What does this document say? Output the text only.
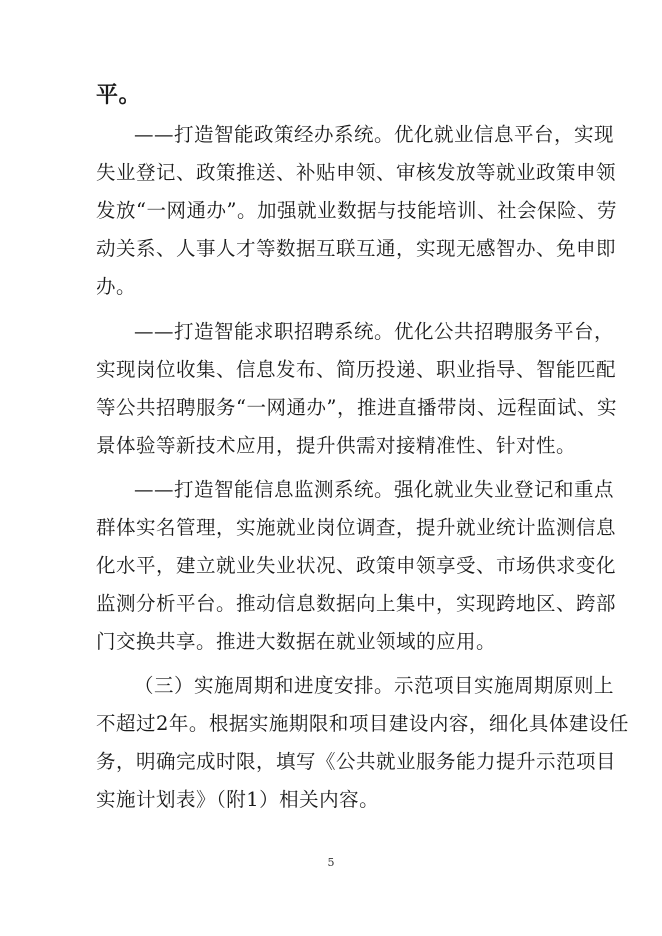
平。
——打造智能政策经办系统。优化就业信息平台，实现
失业登记、政策推送、补贴申领、审核发放等就业政策申领
发放“一网通办”。加强就业数据与技能培训、社会保险、劳
动关系、人事人才等数据互联互通，实现无感智办、免申即
办。
——打造智能求职招聘系统。优化公共招聘服务平台，
实现岗位收集、信息发布、简历投递、职业指导、智能匹配
等公共招聘服务“一网通办”，推进直播带岗、远程面试、实
景体验等新技术应用，提升供需对接精准性、针对性。
——打造智能信息监测系统。强化就业失业登记和重点
群体实名管理，实施就业岗位调查，提升就业统计监测信息
化水平，建立就业失业状况、政策申领享受、市场供求变化
监测分析平台。推动信息数据向上集中，实现跨地区、跨部
门交换共享。推进大数据在就业领域的应用。
（三）实施周期和进度安排。示范项目实施周期原则上
不超过2年。根据实施期限和项目建设内容，细化具体建设任
务，明确完成时限，填写《公共就业服务能力提升示范项目
实施计划表》（附1）相关内容。
5
